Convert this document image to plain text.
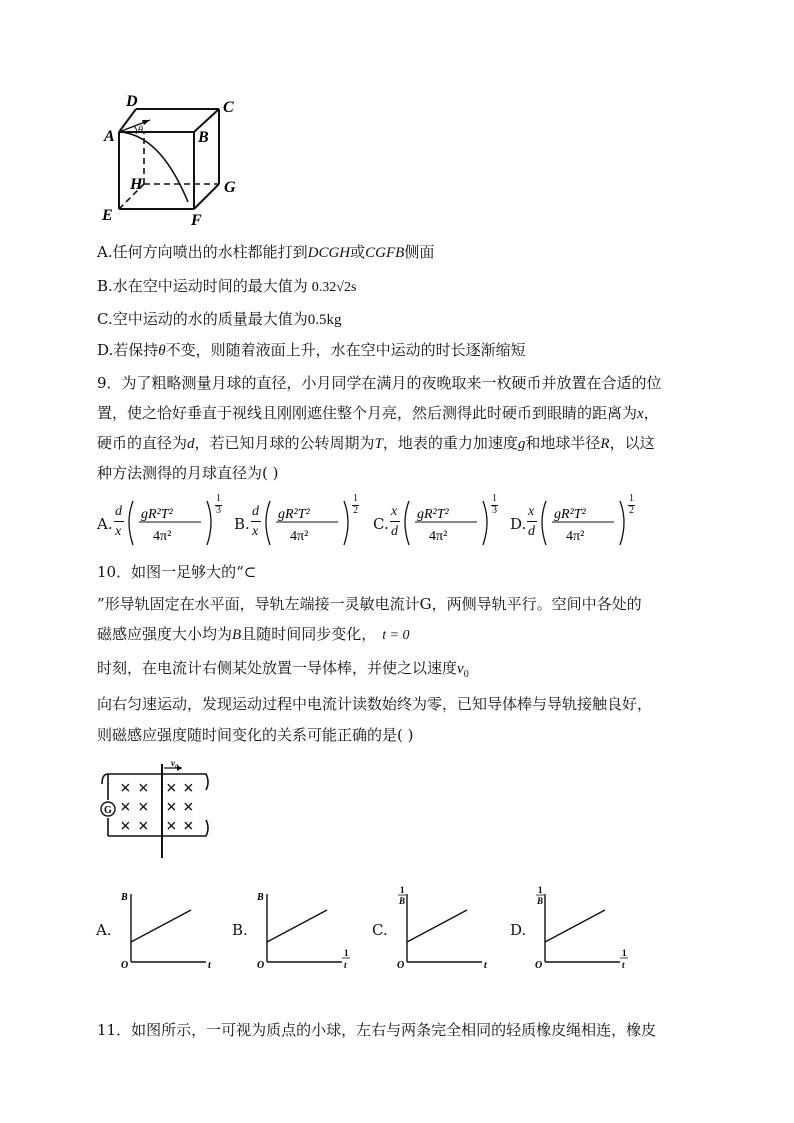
θ
D	C
A	B
H	G
E	F
A.任何方向喷出的水柱都能打到DCGH或CGFB侧面
B.水在空中运动时间的最大值为 0.32√2s
C.空中运动的水的质量最大值为0.5kg
D.若保持θ不变，则随着液面上升，水在空中运动的时长逐渐缩短
9．为了粗略测量月球的直径，小月同学在满月的夜晚取来一枚硬币并放置在合适的位
置，使之恰好垂直于视线且刚刚遮住整个月亮，然后测得此时硬币到眼睛的距离为x，
硬币的直径为d，若已知月球的公转周期为T，地表的重力加速度g和地球半径R，以这
种方法测得的月球直径为( )
A.
d
x
gR²T²
4π²
1
3
B.
d
x
gR²T²
4π²
1
2
C.
x
d
gR²T²
4π²
1
3
D.
x
d
gR²T²
4π²
1
2
10．如图一足够大的“⊂
”形导轨固定在水平面，导轨左端接一灵敏电流计G，两侧导轨平行。空间中各处的
磁感应强度大小均为B且随时间同步变化， t = 0
时刻，在电流计右侧某处放置一导体棒，并使之以速度$v_0$
向右匀速运动，发现运动过程中电流计读数始终为零，已知导体棒与导轨接触良好，
则磁感应强度随时间变化的关系可能正确的是( )
G
v₀
× × × ×
× × × ×
× × × ×
O
B
t
A.
O
B
1
t
B.
O
1
B
t
C.
O
1
B
1
t
D.
11．如图所示，一可视为质点的小球，左右与两条完全相同的轻质橡皮绳相连，橡皮
